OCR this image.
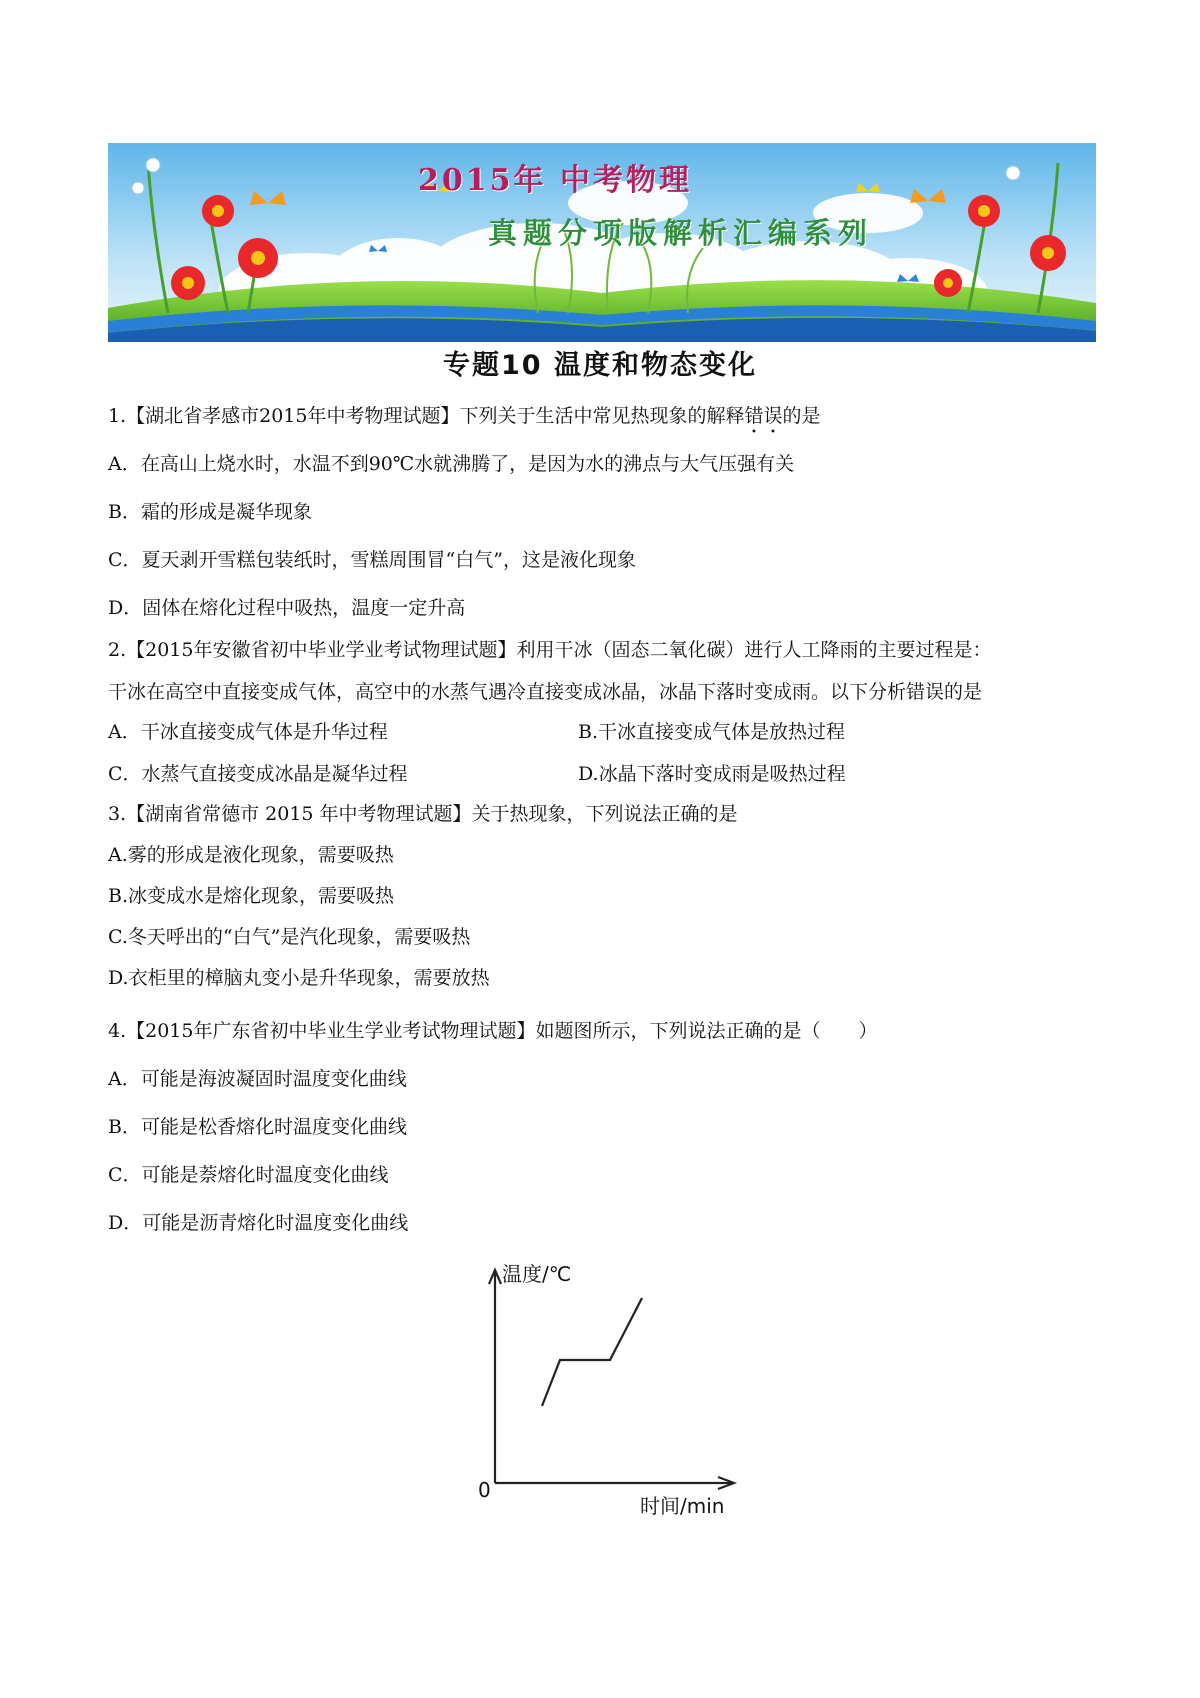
2015年 中考物理
真题分项版解析汇编系列
专题10 温度和物态变化
1.【湖北省孝感市2015年中考物理试题】下列关于生活中常见热现象的解释错误的是
A．在高山上烧水时，水温不到90℃水就沸腾了，是因为水的沸点与大气压强有关
B．霜的形成是凝华现象
C．夏天剥开雪糕包装纸时，雪糕周围冒“白气”，这是液化现象
D．固体在熔化过程中吸热，温度一定升高
2.【2015年安徽省初中毕业学业考试物理试题】利用干冰（固态二氧化碳）进行人工降雨的主要过程是：
干冰在高空中直接变成气体，高空中的水蒸气遇冷直接变成冰晶，冰晶下落时变成雨。以下分析错误的是
A．干冰直接变成气体是升华过程	B.干冰直接变成气体是放热过程
C．水蒸气直接变成冰晶是凝华过程	D.冰晶下落时变成雨是吸热过程
3.【湖南省常德市 2015 年中考物理试题】关于热现象，下列说法正确的是
A.雾的形成是液化现象，需要吸热
B.冰变成水是熔化现象，需要吸热
C.冬天呼出的“白气”是汽化现象，需要吸热
D.衣柜里的樟脑丸变小是升华现象，需要放热
4.【2015年广东省初中毕业生学业考试物理试题】如题图所示，下列说法正确的是（　　）
A．可能是海波凝固时温度变化曲线
B．可能是松香熔化时温度变化曲线
C．可能是萘熔化时温度变化曲线
D．可能是沥青熔化时温度变化曲线
温度/℃
时间/min
0
